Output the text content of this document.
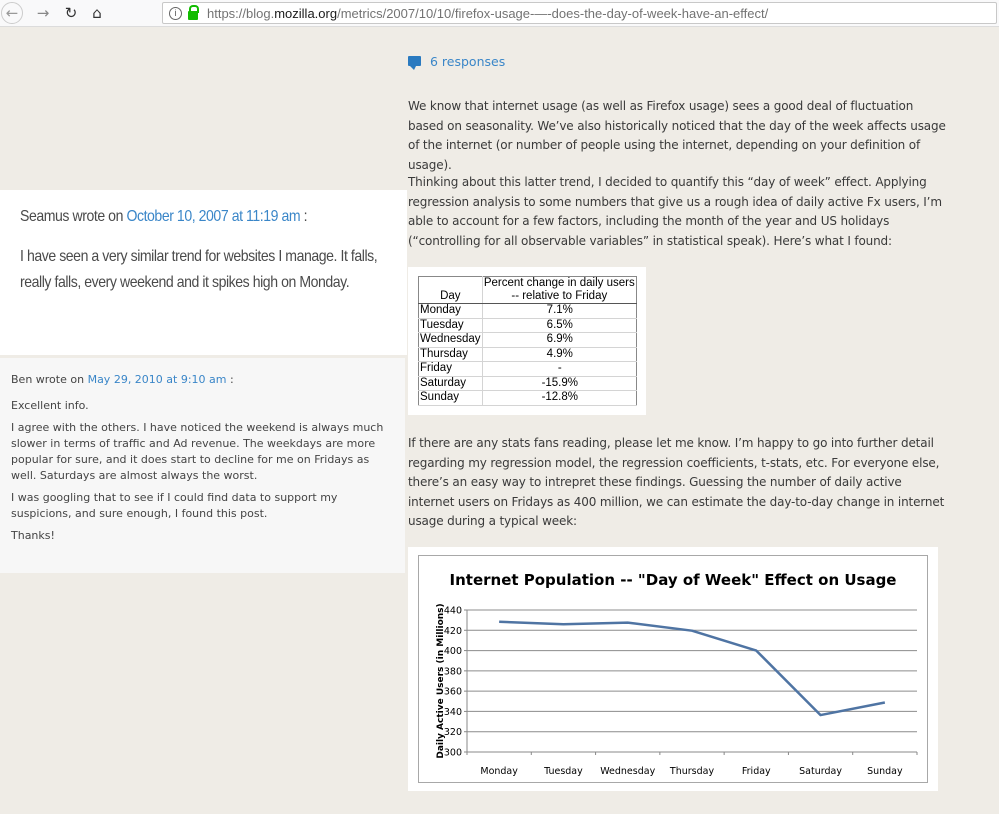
←	→	↻ ⌂	i	https://blog.mozilla.org/metrics/2007/10/10/firefox-usage-—-does-the-day-of-week-have-an-effect/
Seamus wrote on October 10, 2007 at 11:19 am :
I have seen a very similar trend for websites I manage. It falls, really falls, every weekend and it spikes high on Monday.

Ben wrote on May 29, 2010 at 9:10 am :

Excellent info.

I agree with the others. I have noticed the weekend is always much slower in terms of traffic and Ad revenue. The weekdays are more popular for sure, and it does start to decline for me on Fridays as well. Saturdays are almost always the worst.

I was googling that to see if I could find data to support my suspicions, and sure enough, I found this post.

Thanks!

6 responses

We know that internet usage (as well as Firefox usage) sees a good deal of fluctuation based on seasonality. We’ve also historically noticed that the day of the week affects usage of the internet (or number of people using the internet, depending on your definition of usage).

Thinking about this latter trend, I decided to quantify this “day of week” effect. Applying regression analysis to some numbers that give us a rough idea of daily active Fx users, I’m able to account for a few factors, including the month of the year and US holidays (“controlling for all observable variables” in statistical speak). Here’s what I found:

Day	Percent change in daily users
-- relative to Friday
Monday	7.1%
Tuesday	6.5%
Wednesday	6.9%
Thursday	4.9%
Friday	-
Saturday	-15.9%
Sunday	-12.8%

If there are any stats fans reading, please let me know. I’m happy to go into further detail regarding my regression model, the regression coefficients, t-stats, etc. For everyone else, there’s an easy way to intrepret these findings. Guessing the number of daily active internet users on Fridays as 400 million, we can estimate the day-to-day change in internet usage during a typical week:

Internet Population -- "Day of Week" Effect on Usage
Daily Active Users (in Millions)
300
320
340
360
380
400
420
440
Monday	Tuesday Wednesday Thursday	Friday	Saturday	Sunday
